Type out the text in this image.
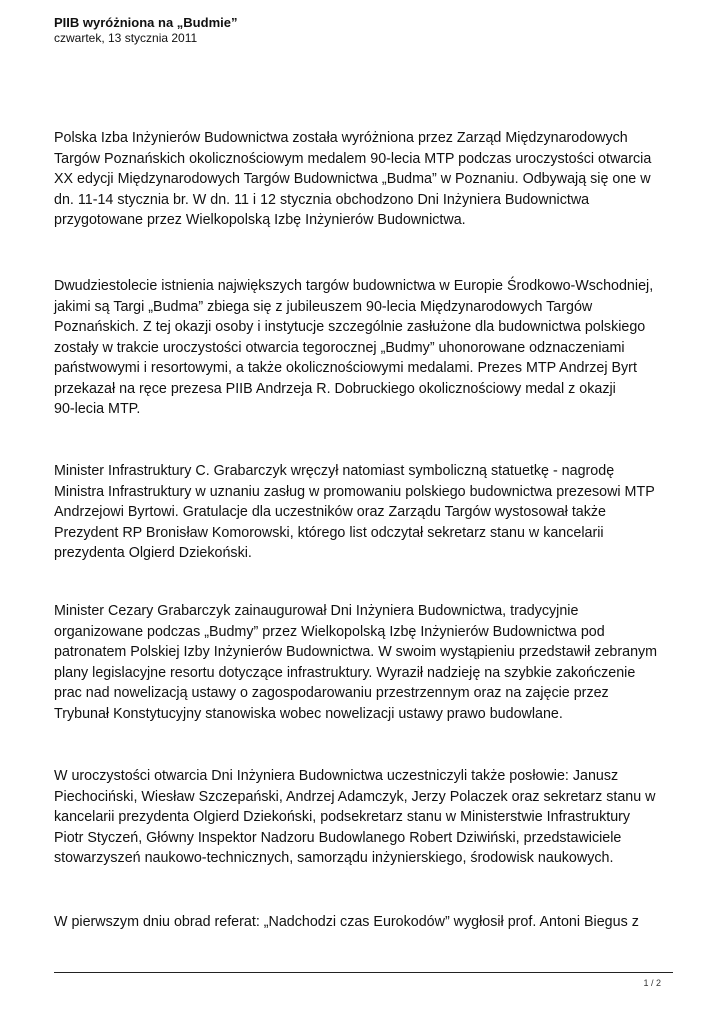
PIIB wyróżniona na „Budmie”

czwartek, 13 stycznia 2011

Polska Izba Inżynierów Budownictwa została wyróżniona przez Zarząd Międzynarodowych
Targów Poznańskich okolicznościowym medalem 90-lecia MTP podczas uroczystości otwarcia
XX edycji Międzynarodowych Targów Budownictwa „Budma” w Poznaniu. Odbywają się one w
dn. 11-14 stycznia br. W dn. 11 i 12 stycznia obchodzono Dni Inżyniera Budownictwa
przygotowane przez Wielkopolską Izbę Inżynierów Budownictwa.

Dwudziestolecie istnienia największych targów budownictwa w Europie Środkowo-Wschodniej,
jakimi są Targi „Budma” zbiega się z jubileuszem 90-lecia Międzynarodowych Targów
Poznańskich. Z tej okazji osoby i instytucje szczególnie zasłużone dla budownictwa polskiego
zostały w trakcie uroczystości otwarcia tegorocznej „Budmy” uhonorowane odznaczeniami
państwowymi i resortowymi, a także okolicznościowymi medalami. Prezes MTP Andrzej Byrt
przekazał na ręce prezesa PIIB Andrzeja R. Dobruckiego okolicznościowy medal z okazji
90-lecia MTP.

Minister Infrastruktury C. Grabarczyk wręczył natomiast symboliczną statuetkę - nagrodę
Ministra Infrastruktury w uznaniu zasług w promowaniu polskiego budownictwa prezesowi MTP
Andrzejowi Byrtowi. Gratulacje dla uczestników oraz Zarządu Targów wystosował także
Prezydent RP Bronisław Komorowski, którego list odczytał sekretarz stanu w kancelarii
prezydenta Olgierd Dziekoński.

Minister Cezary Grabarczyk zainaugurował Dni Inżyniera Budownictwa, tradycyjnie
organizowane podczas „Budmy” przez Wielkopolską Izbę Inżynierów Budownictwa pod
patronatem Polskiej Izby Inżynierów Budownictwa. W swoim wystąpieniu przedstawił zebranym
plany legislacyjne resortu dotyczące infrastruktury. Wyraził nadzieję na szybkie zakończenie
prac nad nowelizacją ustawy o zagospodarowaniu przestrzennym oraz na zajęcie przez
Trybunał Konstytucyjny stanowiska wobec nowelizacji ustawy prawo budowlane.

W uroczystości otwarcia Dni Inżyniera Budownictwa uczestniczyli także posłowie: Janusz
Piechociński, Wiesław Szczepański, Andrzej Adamczyk, Jerzy Polaczek oraz sekretarz stanu w
kancelarii prezydenta Olgierd Dziekoński, podsekretarz stanu w Ministerstwie Infrastruktury
Piotr Styczeń, Główny Inspektor Nadzoru Budowlanego Robert Dziwiński, przedstawiciele
stowarzyszeń naukowo-technicznych, samorządu inżynierskiego, środowisk naukowych.

W pierwszym dniu obrad referat: „Nadchodzi czas Eurokodów” wygłosił prof. Antoni Biegus z

1 / 2
